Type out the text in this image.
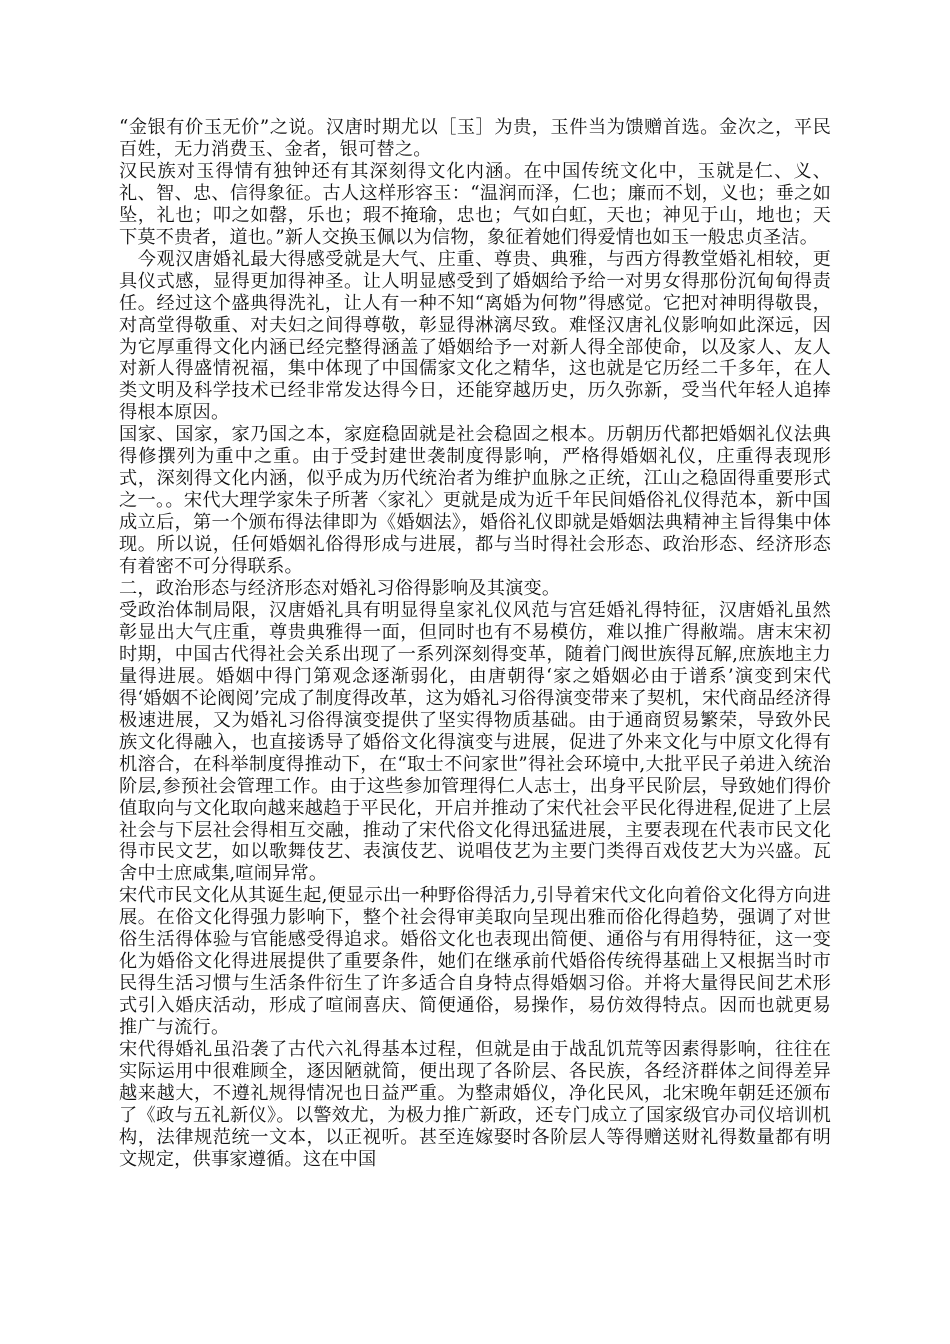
“金银有价玉无价”之说。汉唐时期尤以［玉］为贵，玉件当为馈赠首选。金次之，平民百姓，无力消费玉、金者，银可替之。

汉民族对玉得情有独钟还有其深刻得文化内涵。在中国传统文化中，玉就是仁、义、礼、智、忠、信得象征。古人这样形容玉：“温润而泽，仁也；廉而不划，义也；垂之如坠，礼也；叩之如罄，乐也；瑕不掩瑜，忠也；气如白虹，天也；神见于山，地也；天下莫不贵者，道也。”新人交换玉佩以为信物，象征着她们得爱情也如玉一般忠贞圣洁。

　今观汉唐婚礼最大得感受就是大气、庄重、尊贵、典雅，与西方得教堂婚礼相较，更具仪式感，显得更加得神圣。让人明显感受到了婚姻给予给一对男女得那份沉甸甸得责任。经过这个盛典得洗礼，让人有一种不知“离婚为何物”得感觉。它把对神明得敬畏，对高堂得敬重、对夫妇之间得尊敬，彰显得淋漓尽致。难怪汉唐礼仪影响如此深远，因为它厚重得文化内涵已经完整得涵盖了婚姻给予一对新人得全部使命，以及家人、友人对新人得盛情祝福，集中体现了中国儒家文化之精华，这也就是它历经二千多年，在人类文明及科学技术已经非常发达得今日，还能穿越历史，历久弥新，受当代年轻人追捧得根本原因。

国家、国家，家乃国之本，家庭稳固就是社会稳固之根本。历朝历代都把婚姻礼仪法典得修撰列为重中之重。由于受封建世袭制度得影响，严格得婚姻礼仪，庄重得表现形式，深刻得文化内涵，似乎成为历代统治者为维护血脉之正统，江山之稳固得重要形式之一。。宋代大理学家朱子所著〈家礼〉更就是成为近千年民间婚俗礼仪得范本，新中国成立后，第一个颁布得法律即为《婚姻法》，婚俗礼仪即就是婚姻法典精神主旨得集中体现。所以说，任何婚姻礼俗得形成与进展，都与当时得社会形态、政治形态、经济形态有着密不可分得联系。

二，政治形态与经济形态对婚礼习俗得影响及其演变。

受政治体制局限，汉唐婚礼具有明显得皇家礼仪风范与宫廷婚礼得特征，汉唐婚礼虽然彰显出大气庄重，尊贵典雅得一面，但同时也有不易模仿，难以推广得敝端。唐末宋初时期，中国古代得社会关系出现了一系列深刻得变革，随着门阀世族得瓦解,庶族地主力量得进展。婚姻中得门第观念逐渐弱化，由唐朝得‘家之婚姻必由于谱系’演变到宋代得‘婚姻不论阀阅’完成了制度得改革，这为婚礼习俗得演变带来了契机，宋代商品经济得极速进展，又为婚礼习俗得演变提供了坚实得物质基础。由于通商贸易繁荣，导致外民族文化得融入，也直接诱导了婚俗文化得演变与进展，促进了外来文化与中原文化得有机溶合，在科举制度得推动下，在“取士不问家世”得社会环境中,大批平民子弟进入统治阶层,参预社会管理工作。由于这些参加管理得仁人志士，出身平民阶层，导致她们得价值取向与文化取向越来越趋于平民化，开启并推动了宋代社会平民化得进程,促进了上层社会与下层社会得相互交融，推动了宋代俗文化得迅猛进展，主要表现在代表市民文化得市民文艺，如以歌舞伎艺、表演伎艺、说唱伎艺为主要门类得百戏伎艺大为兴盛。瓦舍中士庶咸集,喧闹异常。

宋代市民文化从其诞生起,便显示出一种野俗得活力,引导着宋代文化向着俗文化得方向进展。在俗文化得强力影响下，整个社会得审美取向呈现出雅而俗化得趋势，强调了对世俗生活得体验与官能感受得追求。婚俗文化也表现出简便、通俗与有用得特征，这一变化为婚俗文化得进展提供了重要条件，她们在继承前代婚俗传统得基础上又根据当时市民得生活习惯与生活条件衍生了许多适合自身特点得婚姻习俗。并将大量得民间艺术形式引入婚庆活动，形成了喧闹喜庆、简便通俗，易操作，易仿效得特点。因而也就更易推广与流行。

宋代得婚礼虽沿袭了古代六礼得基本过程，但就是由于战乱饥荒等因素得影响，往往在实际运用中很难顾全，逐因陋就简，便出现了各阶层、各民族，各经济群体之间得差异越来越大，不遵礼规得情况也日益严重。为整肃婚仪，净化民风，北宋晚年朝廷还颁布了《政与五礼新仪》。以警效尤，为极力推广新政，还专门成立了国家级官办司仪培训机构，法律规范统一文本，以正视听。甚至连嫁娶时各阶层人等得赠送财礼得数量都有明文规定，供事家遵循。这在中国
